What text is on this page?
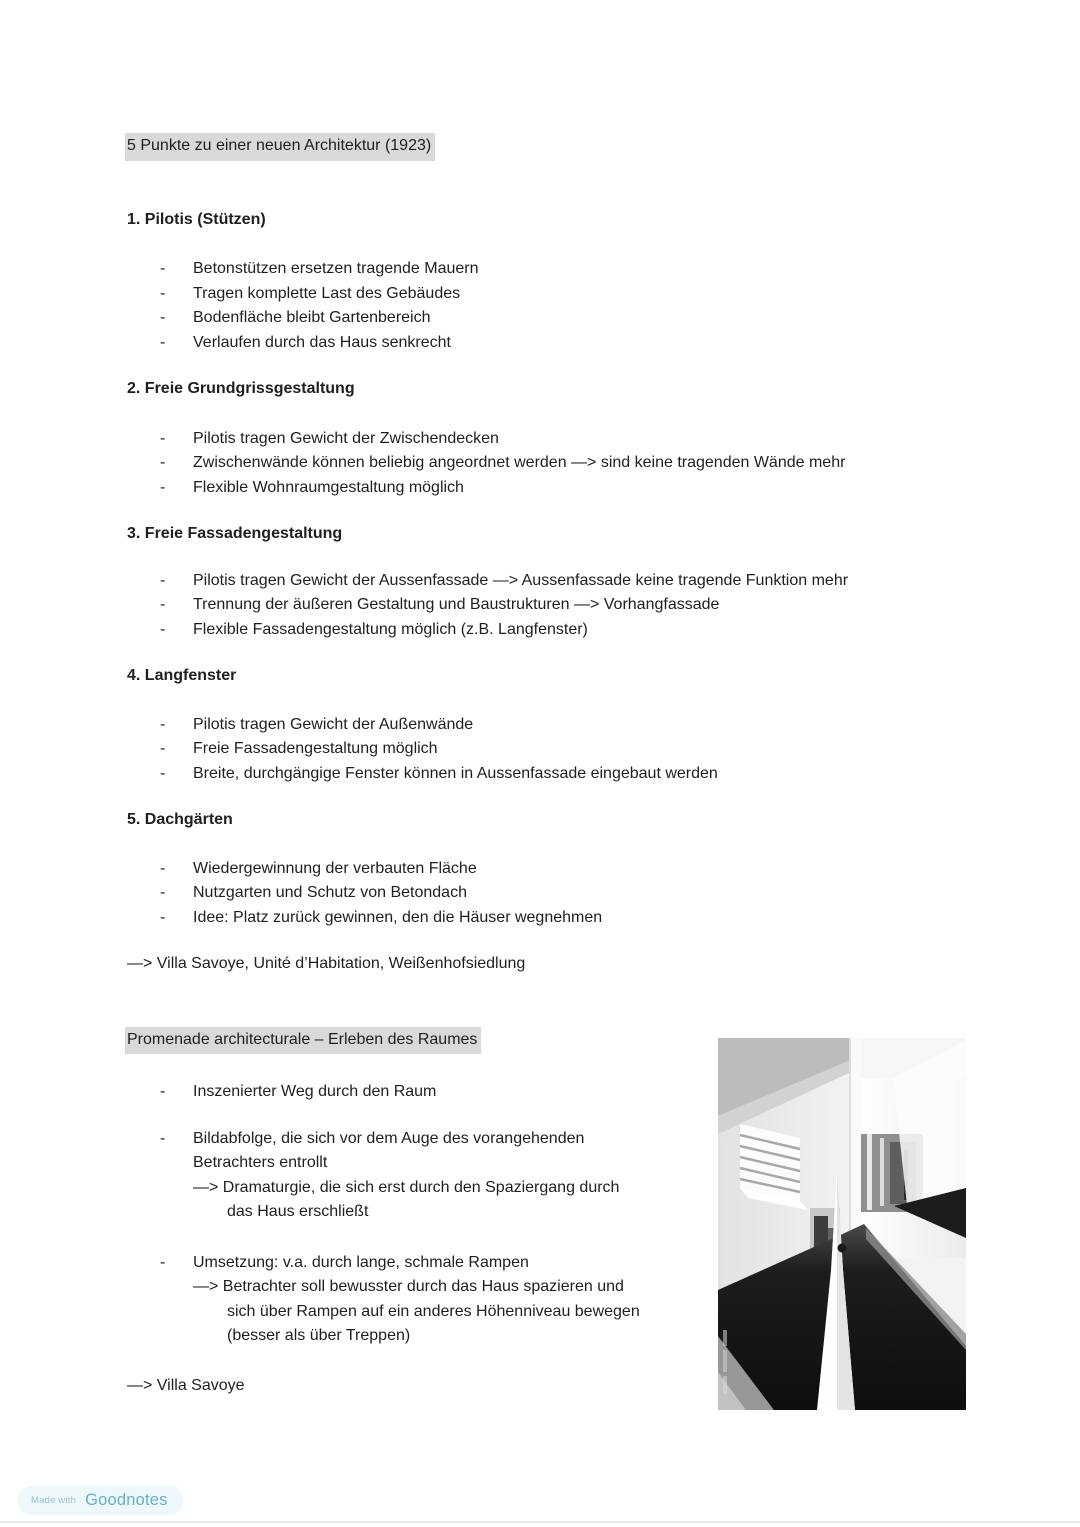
5 Punkte zu einer neuen Architektur (1923)
1. Pilotis (Stützen)
-	Betonstützen ersetzen tragende Mauern
-	Tragen komplette Last des Gebäudes
-	Bodenfläche bleibt Gartenbereich
-	Verlaufen durch das Haus senkrecht
2. Freie Grundgrissgestaltung
-	Pilotis tragen Gewicht der Zwischendecken
-	Zwischenwände können beliebig angeordnet werden —> sind keine tragenden Wände mehr
-	Flexible Wohnraumgestaltung möglich
3. Freie Fassadengestaltung
-	Pilotis tragen Gewicht der Aussenfassade —> Aussenfassade keine tragende Funktion mehr
-	Trennung der äußeren Gestaltung und Baustrukturen —> Vorhangfassade
-	Flexible Fassadengestaltung möglich (z.B. Langfenster)
4. Langfenster
-	Pilotis tragen Gewicht der Außenwände
-	Freie Fassadengestaltung möglich
-	Breite, durchgängige Fenster können in Aussenfassade eingebaut werden
5. Dachgärten
-	Wiedergewinnung der verbauten Fläche
-	Nutzgarten und Schutz von Betondach
-	Idee: Platz zurück gewinnen, den die Häuser wegnehmen
—> Villa Savoye, Unité d’Habitation, Weißenhofsiedlung
Promenade architecturale – Erleben des Raumes
-	Inszenierter Weg durch den Raum
-	Bildabfolge, die sich vor dem Auge des vorangehenden
Betrachters entrollt
—> Dramaturgie, die sich erst durch den Spaziergang durch
das Haus erschließt
-	Umsetzung: v.a. durch lange, schmale Rampen
—> Betrachter soll bewusster durch das Haus spazieren und
sich über Rampen auf ein anderes Höhenniveau bewegen
(besser als über Treppen)
—> Villa Savoye
Made with Goodnotes
